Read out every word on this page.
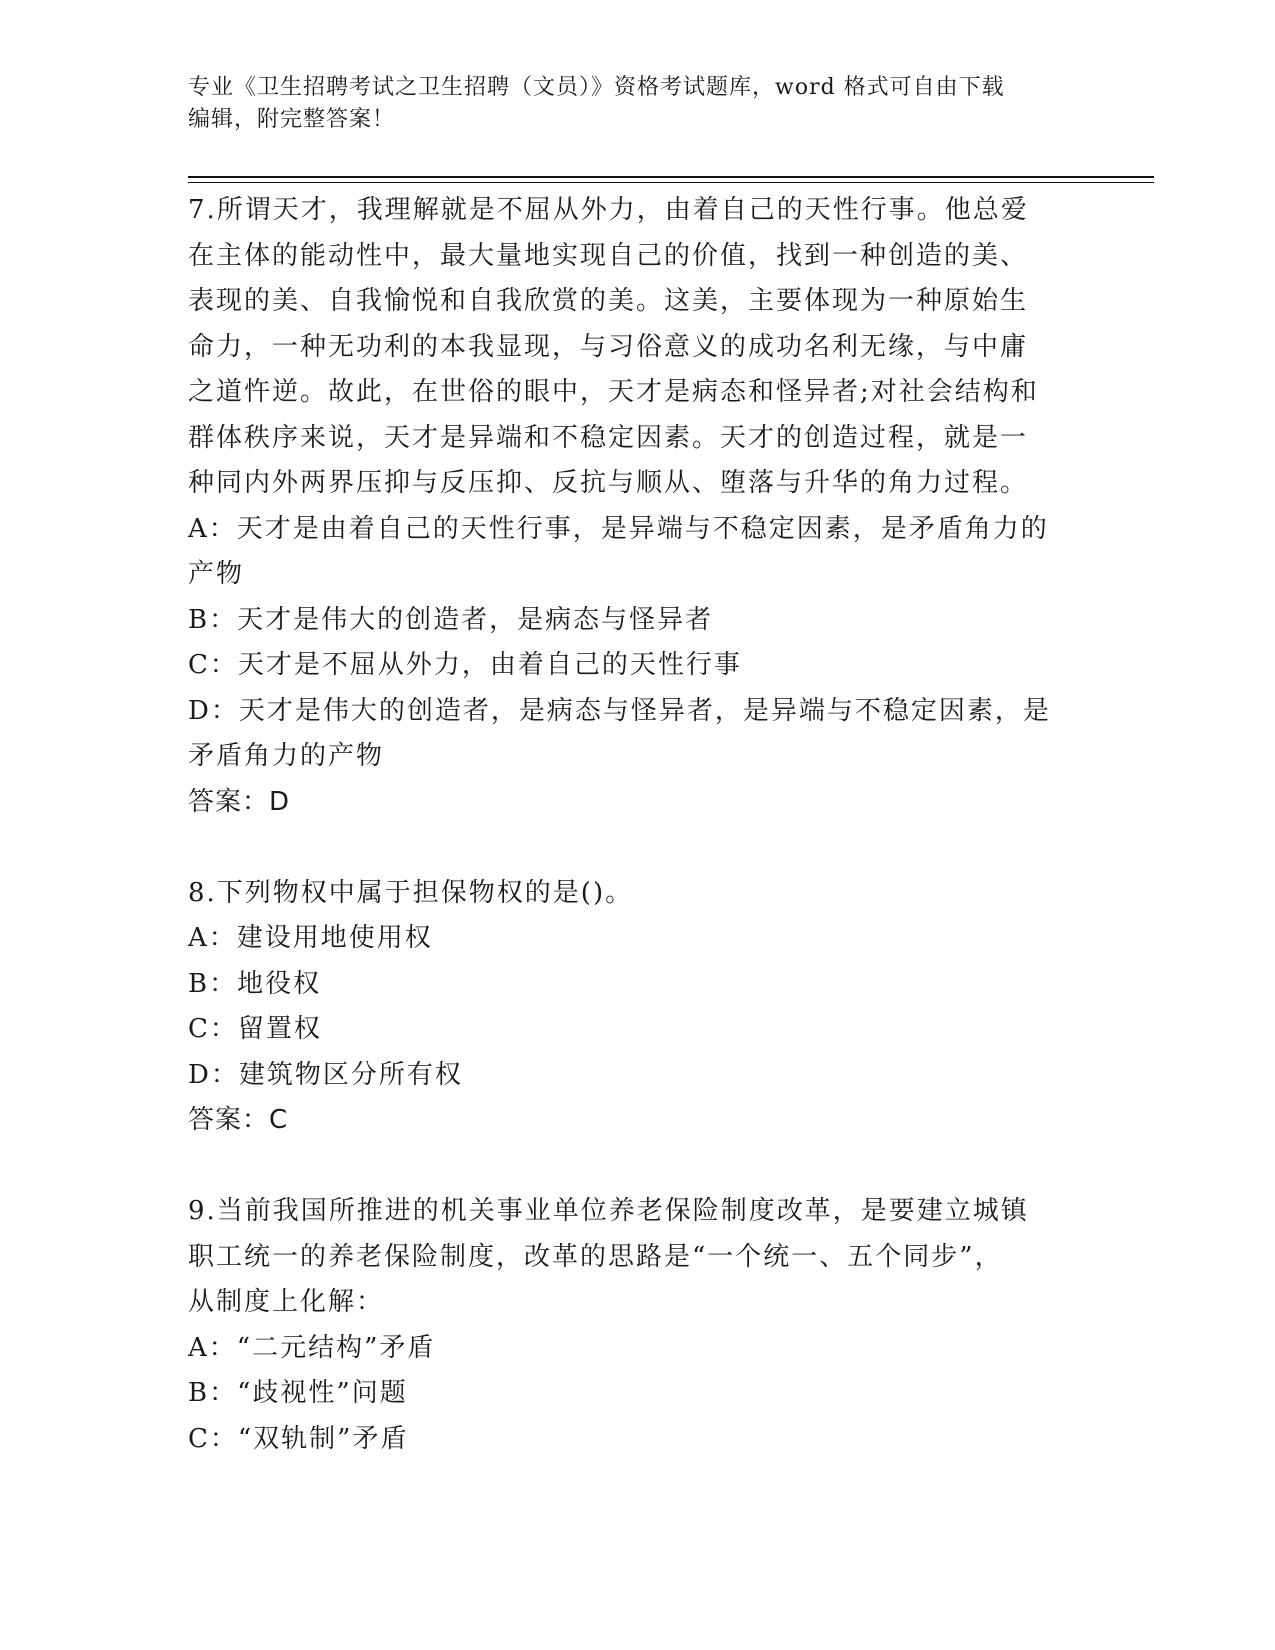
专业《卫生招聘考试之卫生招聘（文员）》资格考试题库，word 格式可自由下载
编辑，附完整答案！
7.所谓天才，我理解就是不屈从外力，由着自己的天性行事。他总爱
在主体的能动性中，最大量地实现自己的价值，找到一种创造的美、
表现的美、自我愉悦和自我欣赏的美。这美，主要体现为一种原始生
命力，一种无功利的本我显现，与习俗意义的成功名利无缘，与中庸
之道忤逆。故此，在世俗的眼中，天才是病态和怪异者;对社会结构和
群体秩序来说，天才是异端和不稳定因素。天才的创造过程，就是一
种同内外两界压抑与反压抑、反抗与顺从、堕落与升华的角力过程。
A：天才是由着自己的天性行事，是异端与不稳定因素，是矛盾角力的
产物
B：天才是伟大的创造者，是病态与怪异者
C：天才是不屈从外力，由着自己的天性行事
D：天才是伟大的创造者，是病态与怪异者，是异端与不稳定因素，是
矛盾角力的产物
答案：D
8.下列物权中属于担保物权的是()。
A：建设用地使用权
B：地役权
C：留置权
D：建筑物区分所有权
答案：C
9.当前我国所推进的机关事业单位养老保险制度改革，是要建立城镇
职工统一的养老保险制度，改革的思路是“一个统一、五个同步”，
从制度上化解：
A：“二元结构”矛盾
B：“歧视性”问题
C：“双轨制”矛盾
